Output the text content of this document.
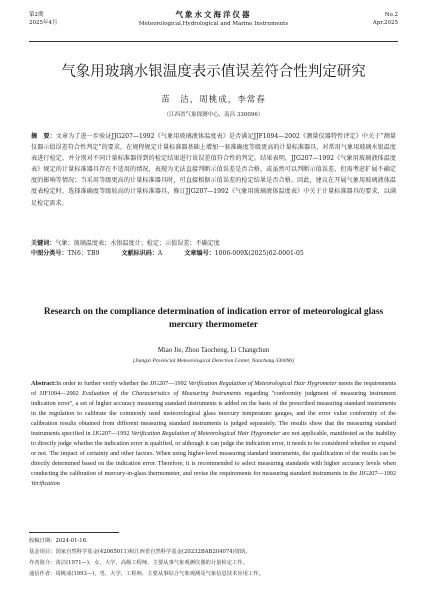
第2期
2025年4月
气象水文海洋仪器
Meteorological,Hydrological and Marine Instruments
No.2
Apr.2025
气象用玻璃水银温度表示值误差符合性判定研究
苗　洁，周桃成，李常春
（江西省气象探测中心，南昌 330096）
摘　要：文章为了进一步验证JJG207—1992《气象用玻璃液体温度表》是否满足JJF1094—2002《测量仪器特性评定》中关于“测量仪器示值误差符合性判定”的要求，在规程规定计量标准器基础上增加一套准确度等级更高的计量标准器具，对常用气象用玻璃水银温度表进行检定，并分别对不同计量标准器得到的检定结果进行该误差值符合性的判定。结果表明，JJG207—1992《气象用玻璃液体温度表》规定的计量标准器具存在不适用的情况，表现为无法直接判断示值误差是否合格，或虽然可以判断示值误差，但需考虑扩展不确定度的影响等情况；当采用等级更高的计量标准器具时，可直接根据示值误差的检定结果是否合格。因此，建议在开展气象用玻璃液体温度表检定时，选择准确度等级较高的计量标准器具，修订JJG207—1992《气象用玻璃液体温度表》中关于计量标准器具的要求，以满足检定需求。
关键词：气象；玻璃温度表；水银温度计；检定；示值误差；不确定度
中图分类号：TN6；TB9	文献标识码：A	文章编号：1006-009X(2025)02-0001-05
Research on the compliance determination of indication error of meteorological glass mercury thermometer
Miao Jie, Zhou Taocheng, Li Changchun
(Jiangxi Provincial Meteorological Detection Center, Nanchang 330096)
Abstract:In order to further verify whether the JJG207—1992 Verification Regulation of Meteorological Hair Hygrometer meets the requirements of JJF1094—2002 Evaluation of the Characteristics of Measuring Instruments regarding "conformity judgment of measuring instrument indication error", a set of higher accuracy measuring standard instruments is added on the basis of the prescribed measuring standard instruments in the regulation to calibrate the commonly used meteorological glass mercury temperature gauges, and the error value conformity of the calibration results obtained from different measuring standard instruments is judged separately. The results show that the measuring standard instruments specified in JJG207—1992 Verification Regulation of Meteorological Hair Hygrometer are not applicable, manifested as the inability to directly judge whether the indication error is qualified, or although it can judge the indication error, it needs to be considered whether to expand or not. The impact of certainty and other factors. When using higher-level measuring standard instruments, the qualification of the results can be directly determined based on the indication error. Therefore, it is recommended to select measuring standards with higher accuracy levels when conducting the calibration of mercury-in-glass thermometer, and revise the requirements for measuring standard instruments in the JJG207—1992 Verification
收稿日期：2024-01-16.
基金项目：国家自然科学基金(42065011)和江西省自然科学基金(20232BAB204074)资助。
作者简介：苗洁(1971—)，女，大学，高级工程师，主要从事气象观测仪器的计量检定工作。
通信作者：周桃成(1993—)，男，大学，工程师，主要从事综合气象观测及气象信息技术应用工作。
